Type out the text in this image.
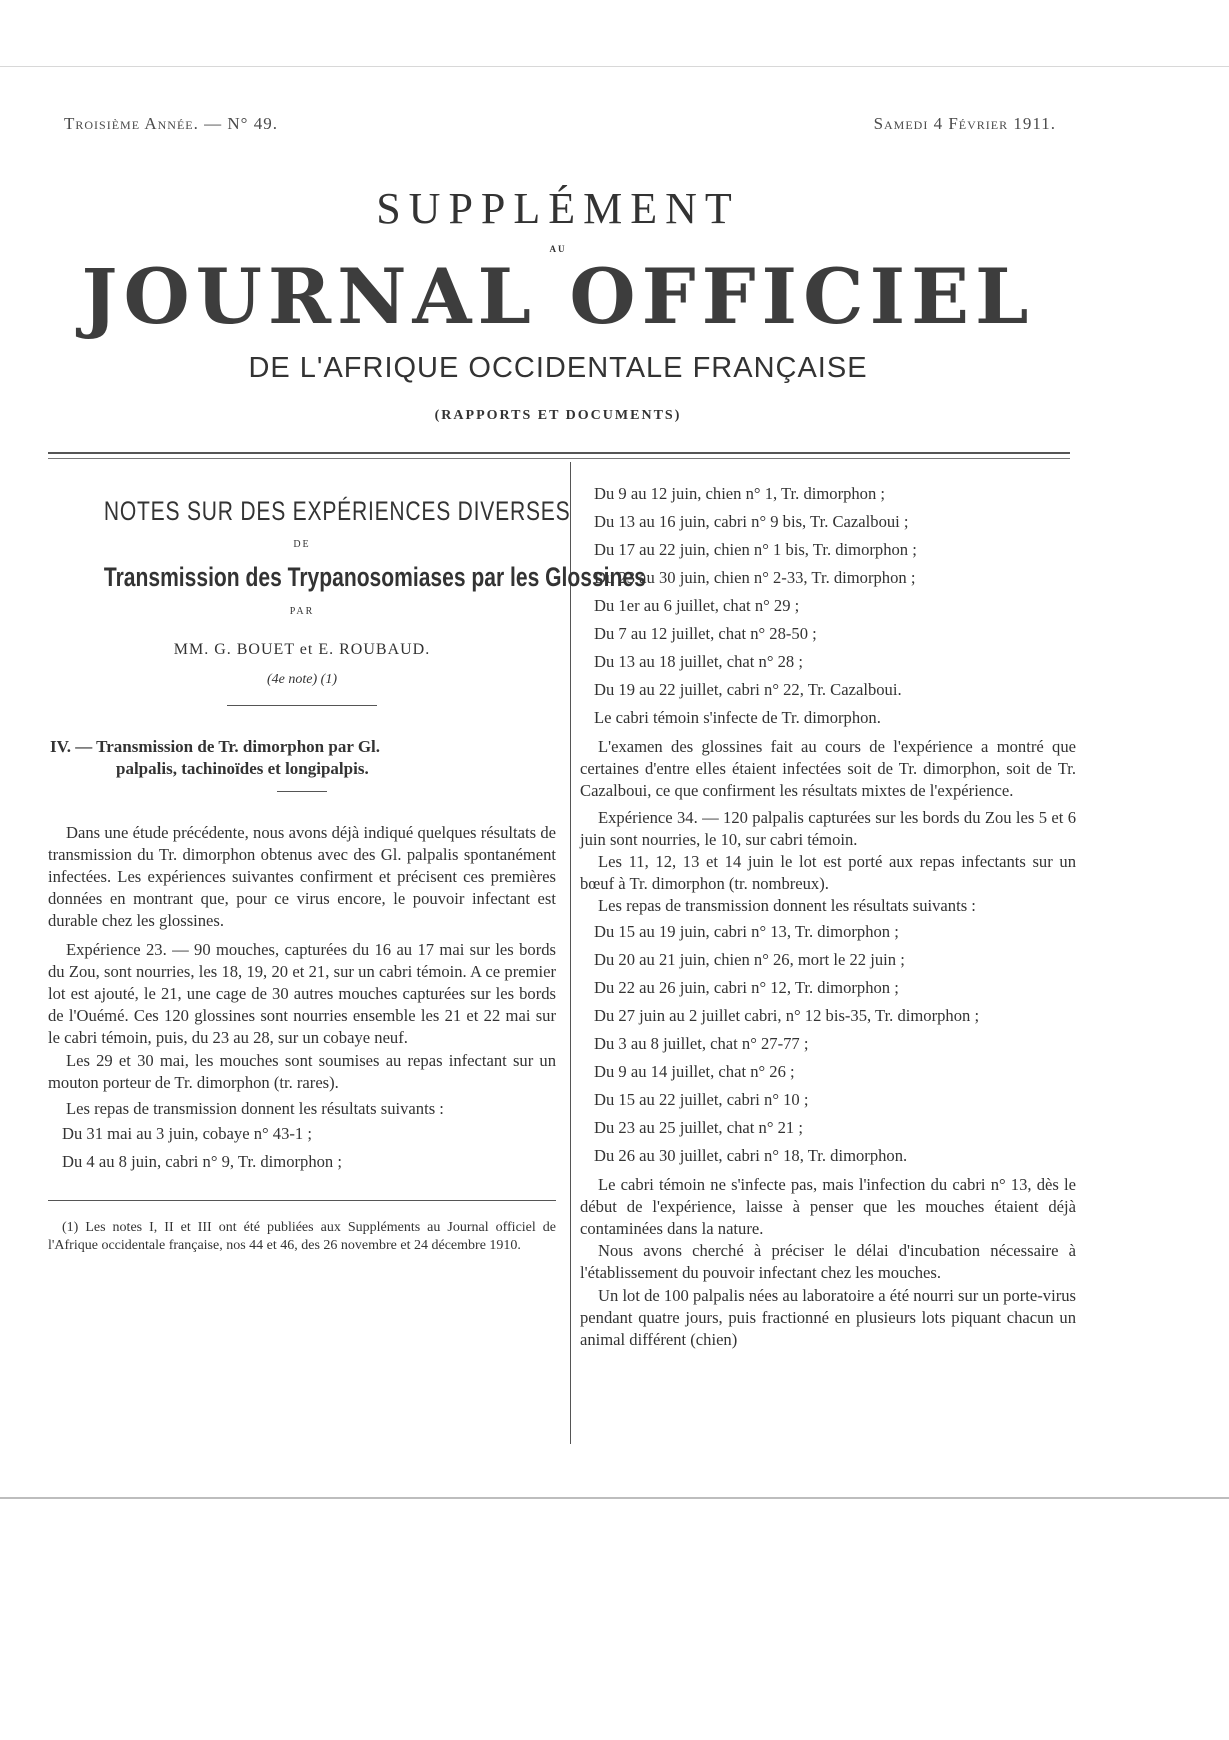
Troisième Année. — N° 49.	Samedi 4 Février 1911.
SUPPLÉMENT
AU
JOURNAL OFFICIEL
DE L'AFRIQUE OCCIDENTALE FRANÇAISE
(RAPPORTS ET DOCUMENTS)
NOTES SUR DES EXPÉRIENCES DIVERSES
DE
Transmission des Trypanosomiases par les Glossines
PAR
MM. G. BOUET et E. ROUBAUD.
(4e note) (1)
IV. — Transmission de Tr. dimorphon par Gl.
palpalis, tachinoïdes et longipalpis.

Dans une étude précédente, nous avons déjà indiqué quelques résultats de transmission du Tr. dimorphon obtenus avec des Gl. palpalis spontanément infectées. Les expériences suivantes confirment et précisent ces premières données en montrant que, pour ce virus encore, le pouvoir infectant est durable chez les glossines.

Expérience 23. — 90 mouches, capturées du 16 au 17 mai sur les bords du Zou, sont nourries, les 18, 19, 20 et 21, sur un cabri témoin. A ce premier lot est ajouté, le 21, une cage de 30 autres mouches capturées sur les bords de l'Ouémé. Ces 120 glossines sont nourries ensemble les 21 et 22 mai sur le cabri témoin, puis, du 23 au 28, sur un cobaye neuf.

Les 29 et 30 mai, les mouches sont soumises au repas infectant sur un mouton porteur de Tr. dimorphon (tr. rares).

Les repas de transmission donnent les résultats suivants :

Du 31 mai au 3 juin, cobaye n° 43-1 ;

Du 4 au 8 juin, cabri n° 9, Tr. dimorphon ;

(1) Les notes I, II et III ont été publiées aux Suppléments au Journal officiel de l'Afrique occidentale française, nos 44 et 46, des 26 novembre et 24 décembre 1910.

Du 9 au 12 juin, chien n° 1, Tr. dimorphon ;

Du 13 au 16 juin, cabri n° 9 bis, Tr. Cazalboui ;

Du 17 au 22 juin, chien n° 1 bis, Tr. dimorphon ;

Du 23 au 30 juin, chien n° 2-33, Tr. dimorphon ;

Du 1er au 6 juillet, chat n° 29 ;

Du 7 au 12 juillet, chat n° 28-50 ;

Du 13 au 18 juillet, chat n° 28 ;

Du 19 au 22 juillet, cabri n° 22, Tr. Cazalboui.

Le cabri témoin s'infecte de Tr. dimorphon.

L'examen des glossines fait au cours de l'expérience a montré que certaines d'entre elles étaient infectées soit de Tr. dimorphon, soit de Tr. Cazalboui, ce que confirment les résultats mixtes de l'expérience.

Expérience 34. — 120 palpalis capturées sur les bords du Zou les 5 et 6 juin sont nourries, le 10, sur cabri témoin.

Les 11, 12, 13 et 14 juin le lot est porté aux repas infectants sur un bœuf à Tr. dimorphon (tr. nombreux).

Les repas de transmission donnent les résultats suivants :

Du 15 au 19 juin, cabri n° 13, Tr. dimorphon ;

Du 20 au 21 juin, chien n° 26, mort le 22 juin ;

Du 22 au 26 juin, cabri n° 12, Tr. dimorphon ;

Du 27 juin au 2 juillet cabri, n° 12 bis-35, Tr. dimorphon ;

Du 3 au 8 juillet, chat n° 27-77 ;

Du 9 au 14 juillet, chat n° 26 ;

Du 15 au 22 juillet, cabri n° 10 ;

Du 23 au 25 juillet, chat n° 21 ;

Du 26 au 30 juillet, cabri n° 18, Tr. dimorphon.

Le cabri témoin ne s'infecte pas, mais l'infection du cabri n° 13, dès le début de l'expérience, laisse à penser que les mouches étaient déjà contaminées dans la nature.

Nous avons cherché à préciser le délai d'incubation nécessaire à l'établissement du pouvoir infectant chez les mouches.

Un lot de 100 palpalis nées au laboratoire a été nourri sur un porte-virus pendant quatre jours, puis fractionné en plusieurs lots piquant chacun un animal différent (chien)
